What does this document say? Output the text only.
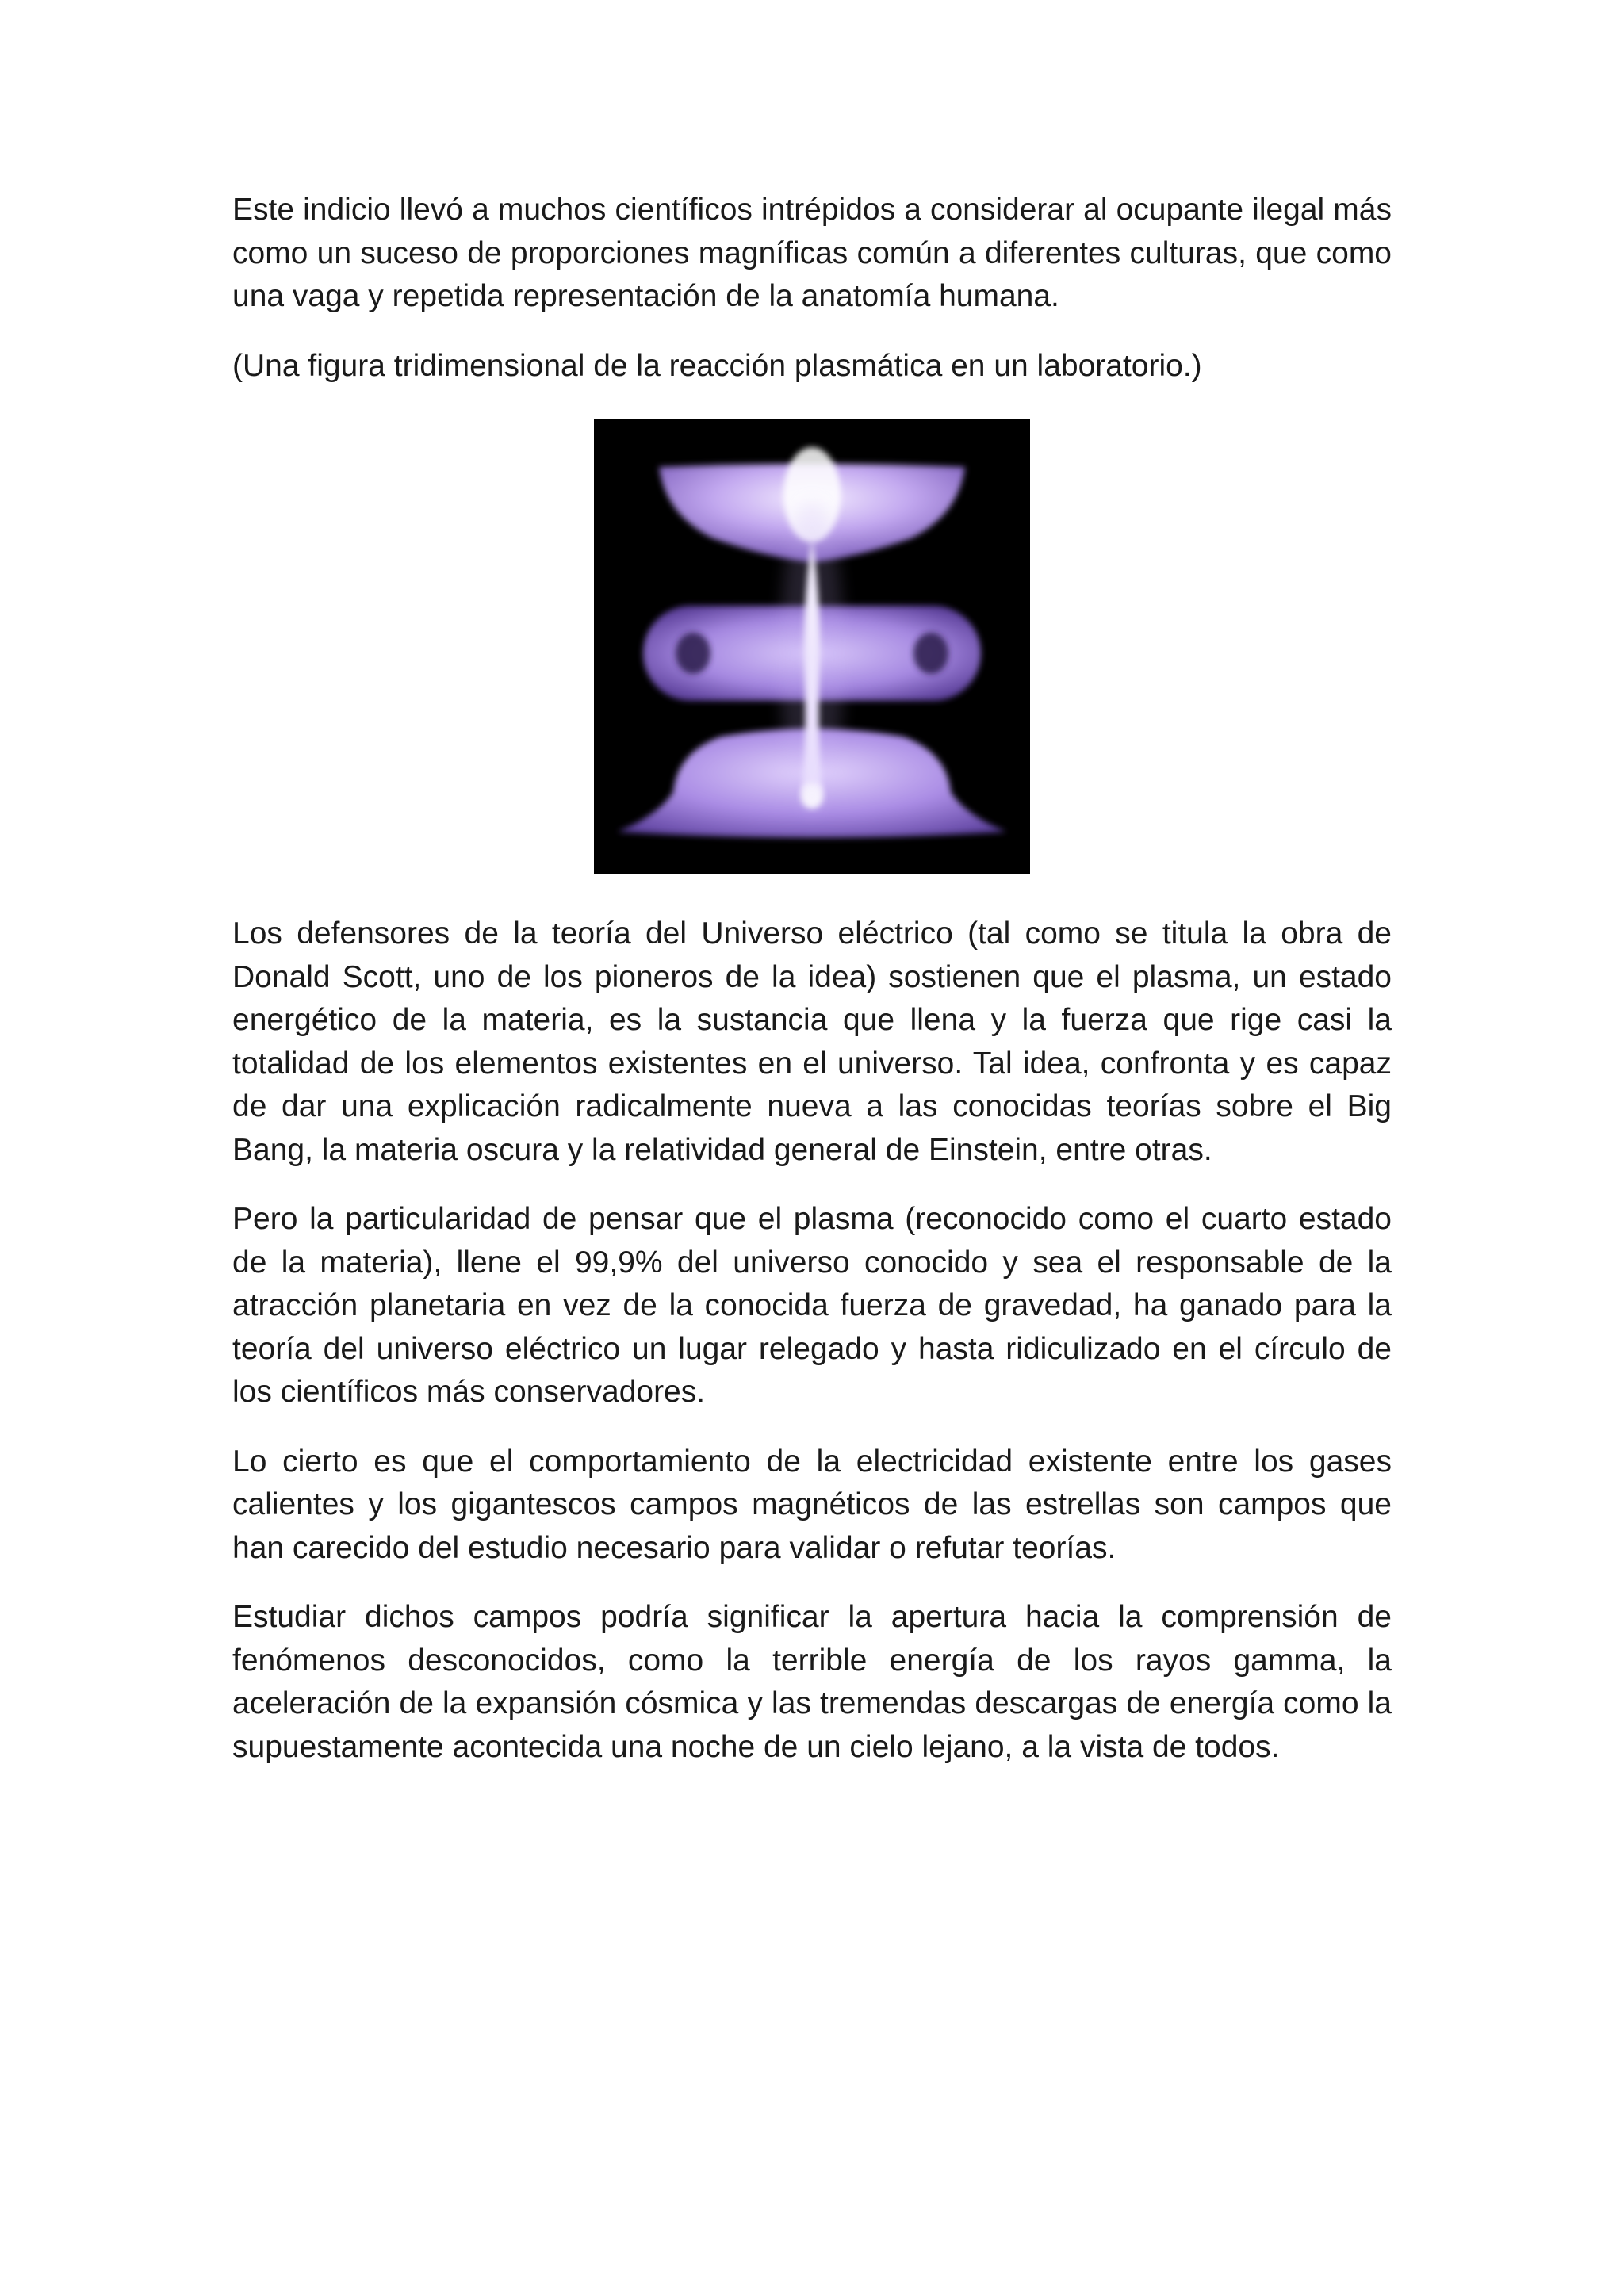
Este indicio llevó a muchos científicos intrépidos a considerar al ocupante ilegal más como un suceso de proporciones magníficas común a diferentes culturas, que como una vaga y repetida representación de la anatomía humana.

(Una figura tridimensional de la reacción plasmática en un laboratorio.)

Los defensores de la teoría del Universo eléctrico (tal como se titula la obra de Donald Scott, uno de los pioneros de la idea) sostienen que el plasma, un estado energético de la materia, es la sustancia que llena y la fuerza que rige casi la totalidad de los elementos existentes en el universo. Tal idea, confronta y es capaz de dar una explicación radicalmente nueva a las conocidas teorías sobre el Big Bang, la materia oscura y la relatividad general de Einstein, entre otras.

Pero la particularidad de pensar que el plasma (reconocido como el cuarto estado de la materia), llene el 99,9% del universo conocido y sea el responsable de la atracción planetaria en vez de la conocida fuerza de gravedad, ha ganado para la teoría del universo eléctrico un lugar relegado y hasta ridiculizado en el círculo de los científicos más conservadores.

Lo cierto es que el comportamiento de la electricidad existente entre los gases calientes y los gigantescos campos magnéticos de las estrellas son campos que han carecido del estudio necesario para validar o refutar teorías.

Estudiar dichos campos podría significar la apertura hacia la comprensión de fenómenos desconocidos, como la terrible energía de los rayos gamma, la aceleración de la expansión cósmica y las tremendas descargas de energía como la supuestamente acontecida una noche de un cielo lejano, a la vista de todos.
